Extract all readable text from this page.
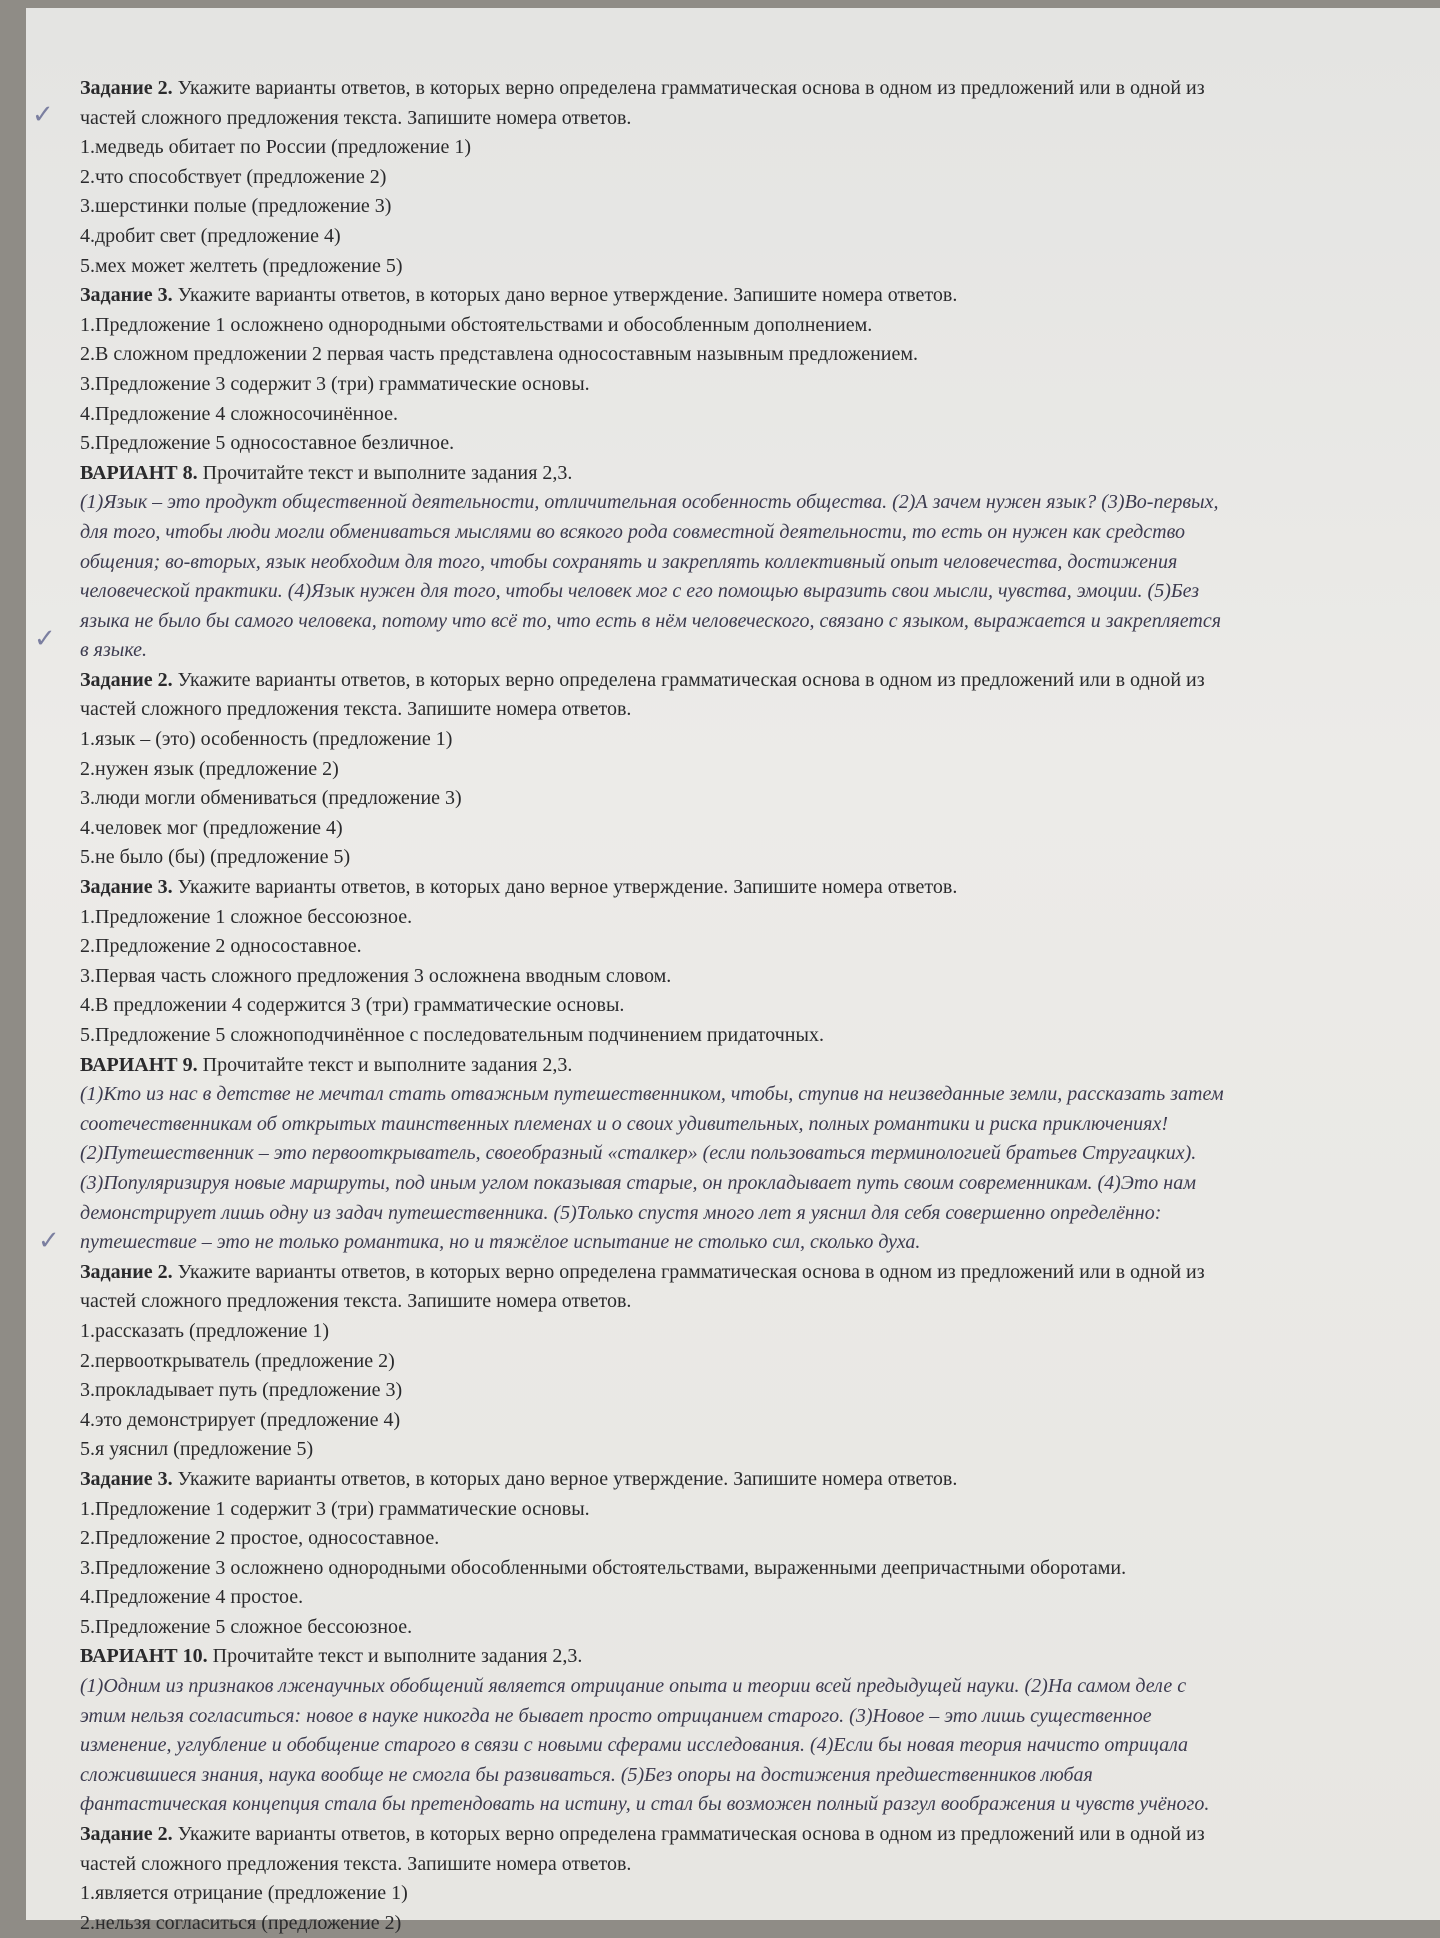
Задание 2. Укажите варианты ответов, в которых верно определена грамматическая основа в одном из предложений или в одной из
частей сложного предложения текста. Запишите номера ответов.
1.медведь обитает по России (предложение 1)
2.что способствует (предложение 2)
3.шерстинки полые (предложение 3)
4.дробит свет (предложение 4)
5.мех может желтеть (предложение 5)
Задание 3. Укажите варианты ответов, в которых дано верное утверждение. Запишите номера ответов.
1.Предложение 1 осложнено однородными обстоятельствами и обособленным дополнением.
2.В сложном предложении 2 первая часть представлена односоставным назывным предложением.
3.Предложение 3 содержит 3 (три) грамматические основы.
4.Предложение 4 сложносочинённое.
5.Предложение 5 односоставное безличное.
ВАРИАНТ 8. Прочитайте текст и выполните задания 2,3.
(1)Язык – это продукт общественной деятельности, отличительная особенность общества. (2)А зачем нужен язык? (3)Во-первых,
для того, чтобы люди могли обмениваться мыслями во всякого рода совместной деятельности, то есть он нужен как средство
общения; во-вторых, язык необходим для того, чтобы сохранять и закреплять коллективный опыт человечества, достижения
человеческой практики. (4)Язык нужен для того, чтобы человек мог с его помощью выразить свои мысли, чувства, эмоции. (5)Без
языка не было бы самого человека, потому что всё то, что есть в нём человеческого, связано с языком, выражается и закрепляется
в языке.
Задание 2. Укажите варианты ответов, в которых верно определена грамматическая основа в одном из предложений или в одной из
частей сложного предложения текста. Запишите номера ответов.
1.язык – (это) особенность (предложение 1)
2.нужен язык (предложение 2)
3.люди могли обмениваться (предложение 3)
4.человек мог (предложение 4)
5.не было (бы) (предложение 5)
Задание 3. Укажите варианты ответов, в которых дано верное утверждение. Запишите номера ответов.
1.Предложение 1 сложное бессоюзное.
2.Предложение 2 односоставное.
3.Первая часть сложного предложения 3 осложнена вводным словом.
4.В предложении 4 содержится 3 (три) грамматические основы.
5.Предложение 5 сложноподчинённое с последовательным подчинением придаточных.
ВАРИАНТ 9. Прочитайте текст и выполните задания 2,3.
(1)Кто из нас в детстве не мечтал стать отважным путешественником, чтобы, ступив на неизведанные земли, рассказать затем
соотечественникам об открытых таинственных племенах и о своих удивительных, полных романтики и риска приключениях!
(2)Путешественник – это первооткрыватель, своеобразный «сталкер» (если пользоваться терминологией братьев Стругацких).
(3)Популяризируя новые маршруты, под иным углом показывая старые, он прокладывает путь своим современникам. (4)Это нам
демонстрирует лишь одну из задач путешественника. (5)Только спустя много лет я уяснил для себя совершенно определённо:
путешествие – это не только романтика, но и тяжёлое испытание не столько сил, сколько духа.
Задание 2. Укажите варианты ответов, в которых верно определена грамматическая основа в одном из предложений или в одной из
частей сложного предложения текста. Запишите номера ответов.
1.рассказать (предложение 1)
2.первооткрыватель (предложение 2)
3.прокладывает путь (предложение 3)
4.это демонстрирует (предложение 4)
5.я уяснил (предложение 5)
Задание 3. Укажите варианты ответов, в которых дано верное утверждение. Запишите номера ответов.
1.Предложение 1 содержит 3 (три) грамматические основы.
2.Предложение 2 простое, односоставное.
3.Предложение 3 осложнено однородными обособленными обстоятельствами, выраженными деепричастными оборотами.
4.Предложение 4 простое.
5.Предложение 5 сложное бессоюзное.
ВАРИАНТ 10. Прочитайте текст и выполните задания 2,3.
(1)Одним из признаков лженаучных обобщений является отрицание опыта и теории всей предыдущей науки. (2)На самом деле с
этим нельзя согласиться: новое в науке никогда не бывает просто отрицанием старого. (3)Новое – это лишь существенное
изменение, углубление и обобщение старого в связи с новыми сферами исследования. (4)Если бы новая теория начисто отрицала
сложившиеся знания, наука вообще не смогла бы развиваться. (5)Без опоры на достижения предшественников любая
фантастическая концепция стала бы претендовать на истину, и стал бы возможен полный разгул воображения и чувств учёного.
Задание 2. Укажите варианты ответов, в которых верно определена грамматическая основа в одном из предложений или в одной из
частей сложного предложения текста. Запишите номера ответов.
1.является отрицание (предложение 1)
2.нельзя согласиться (предложение 2)
✓
✓
✓
